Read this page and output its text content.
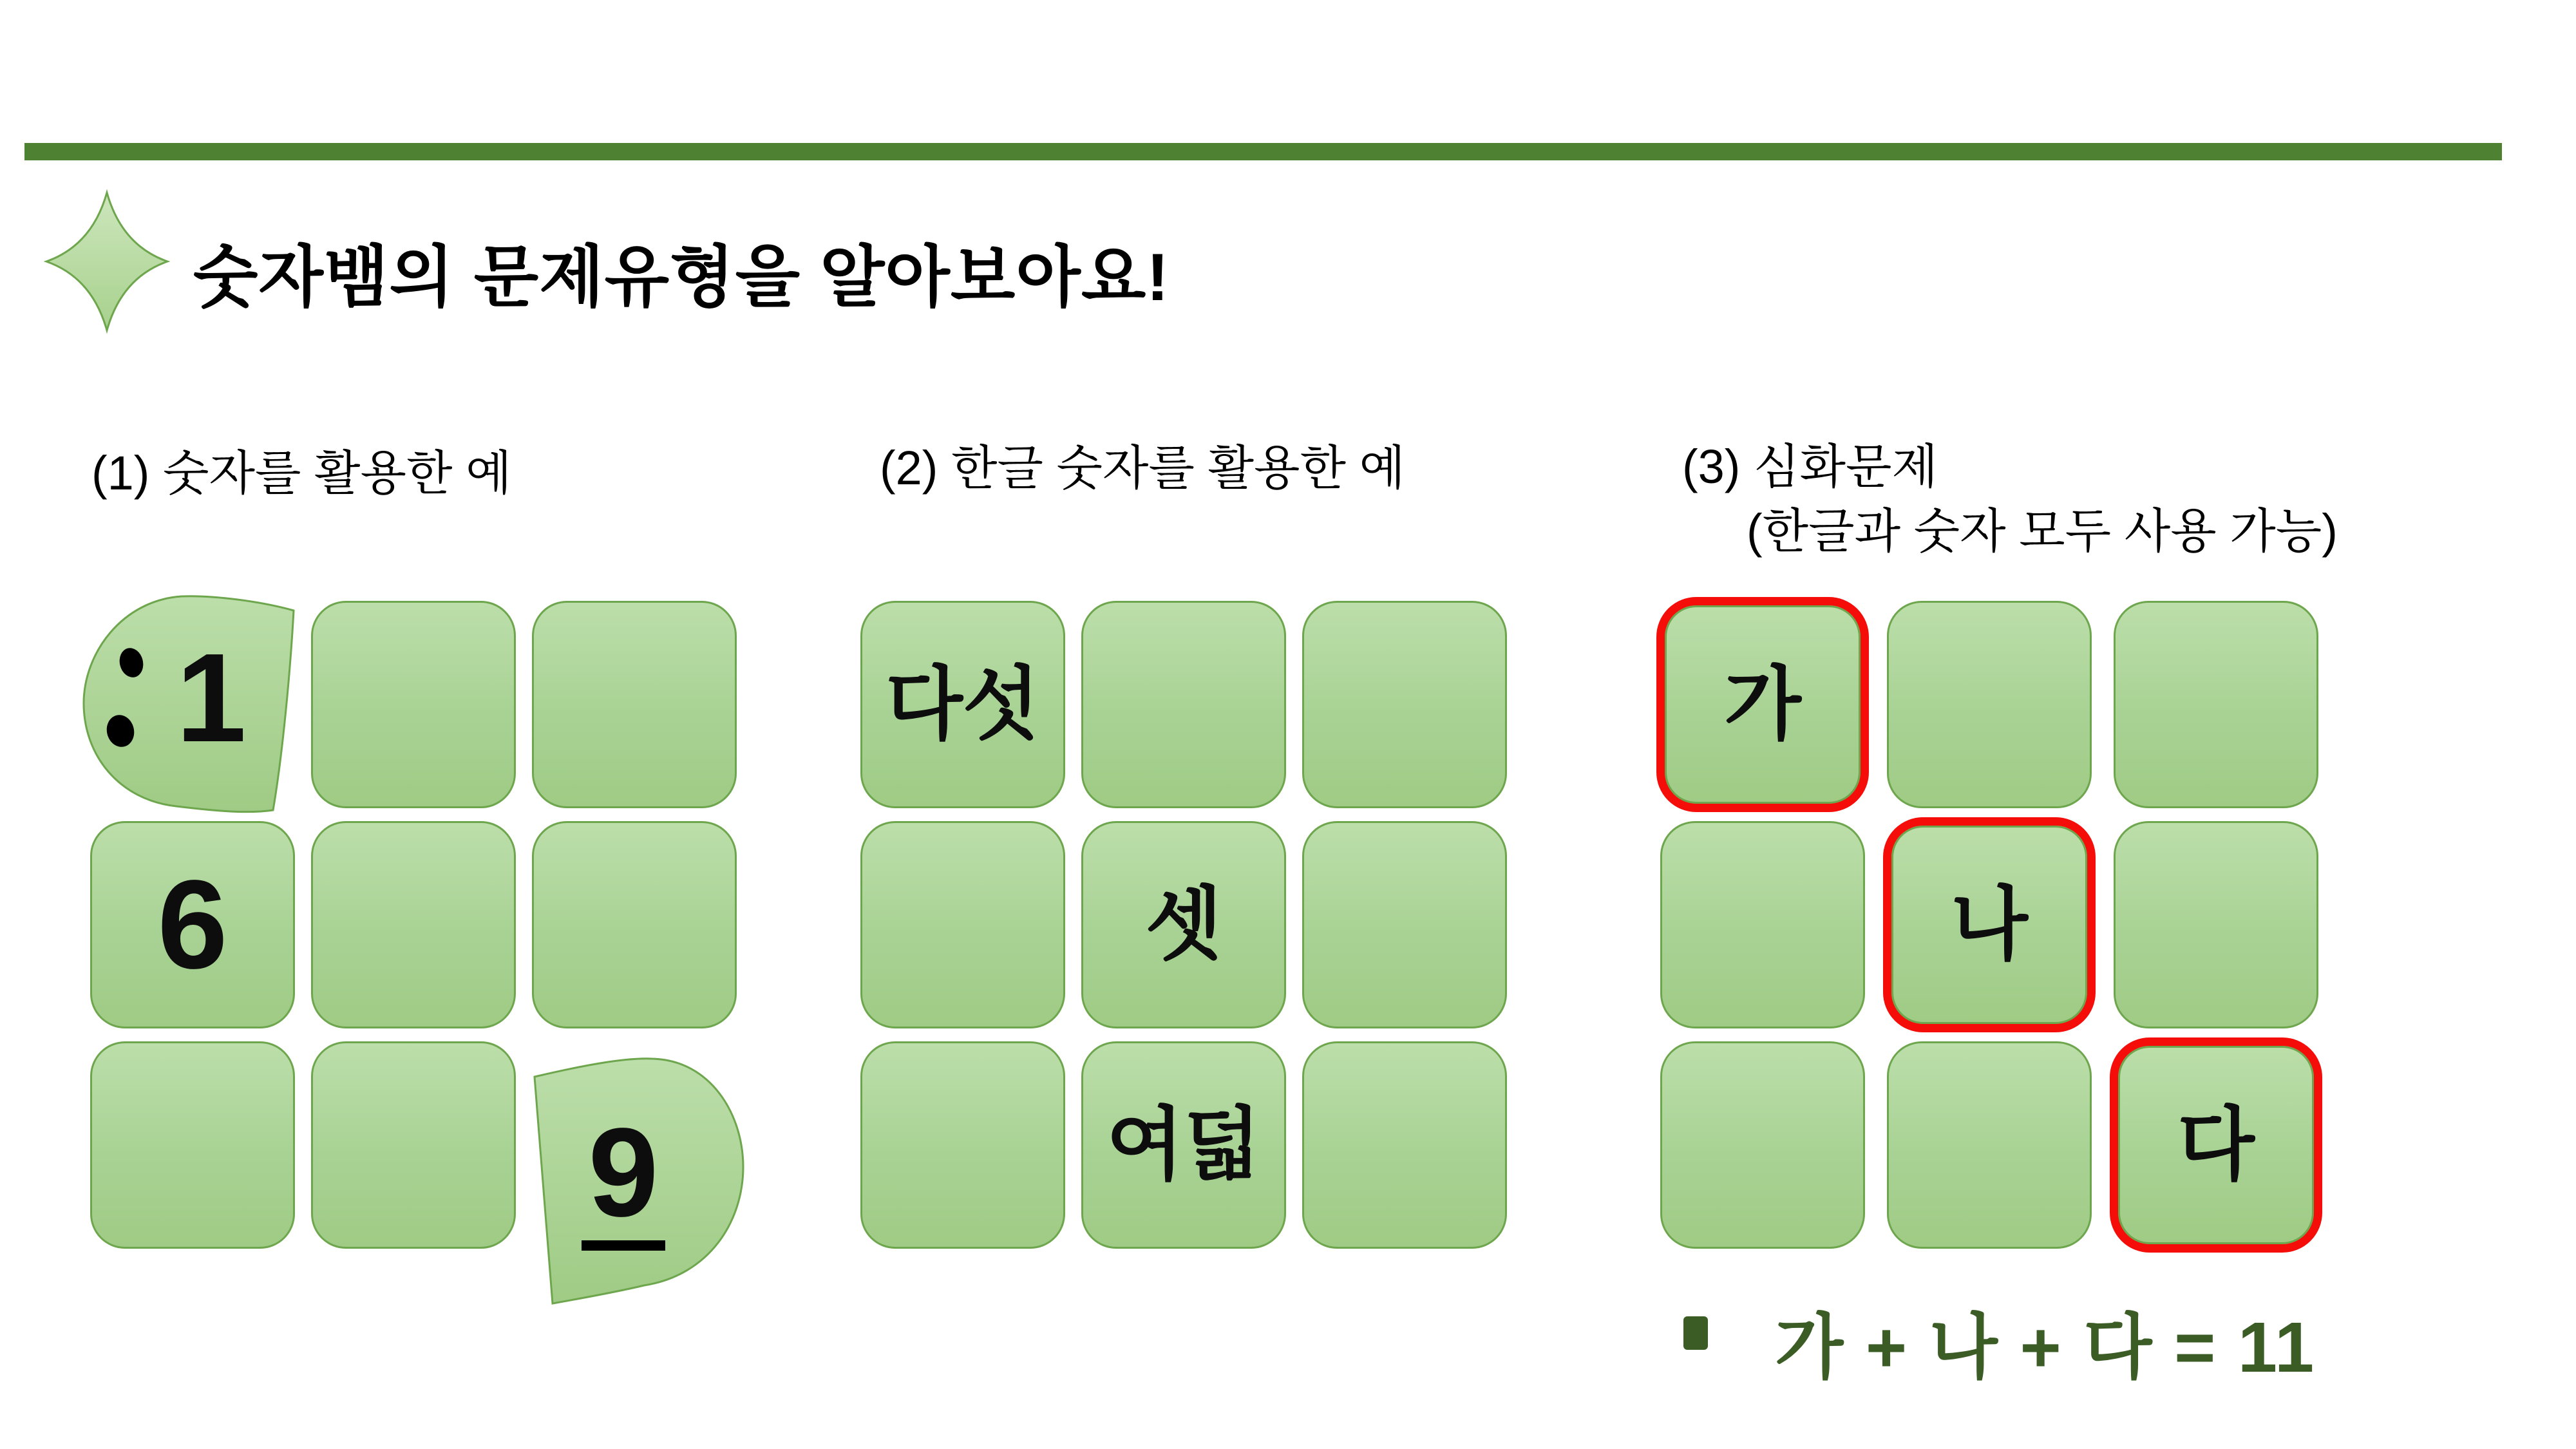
숫자뱀의 문제유형을 알아보아요!
(1) 숫자를 활용한 예	(2) 한글 숫자를 활용한 예	(3) 심화문제
(한글과 숫자 모두 사용 가능)
1
6
9
다섯
셋
여덟
가
나
다
가 + 나 + 다 = 11
